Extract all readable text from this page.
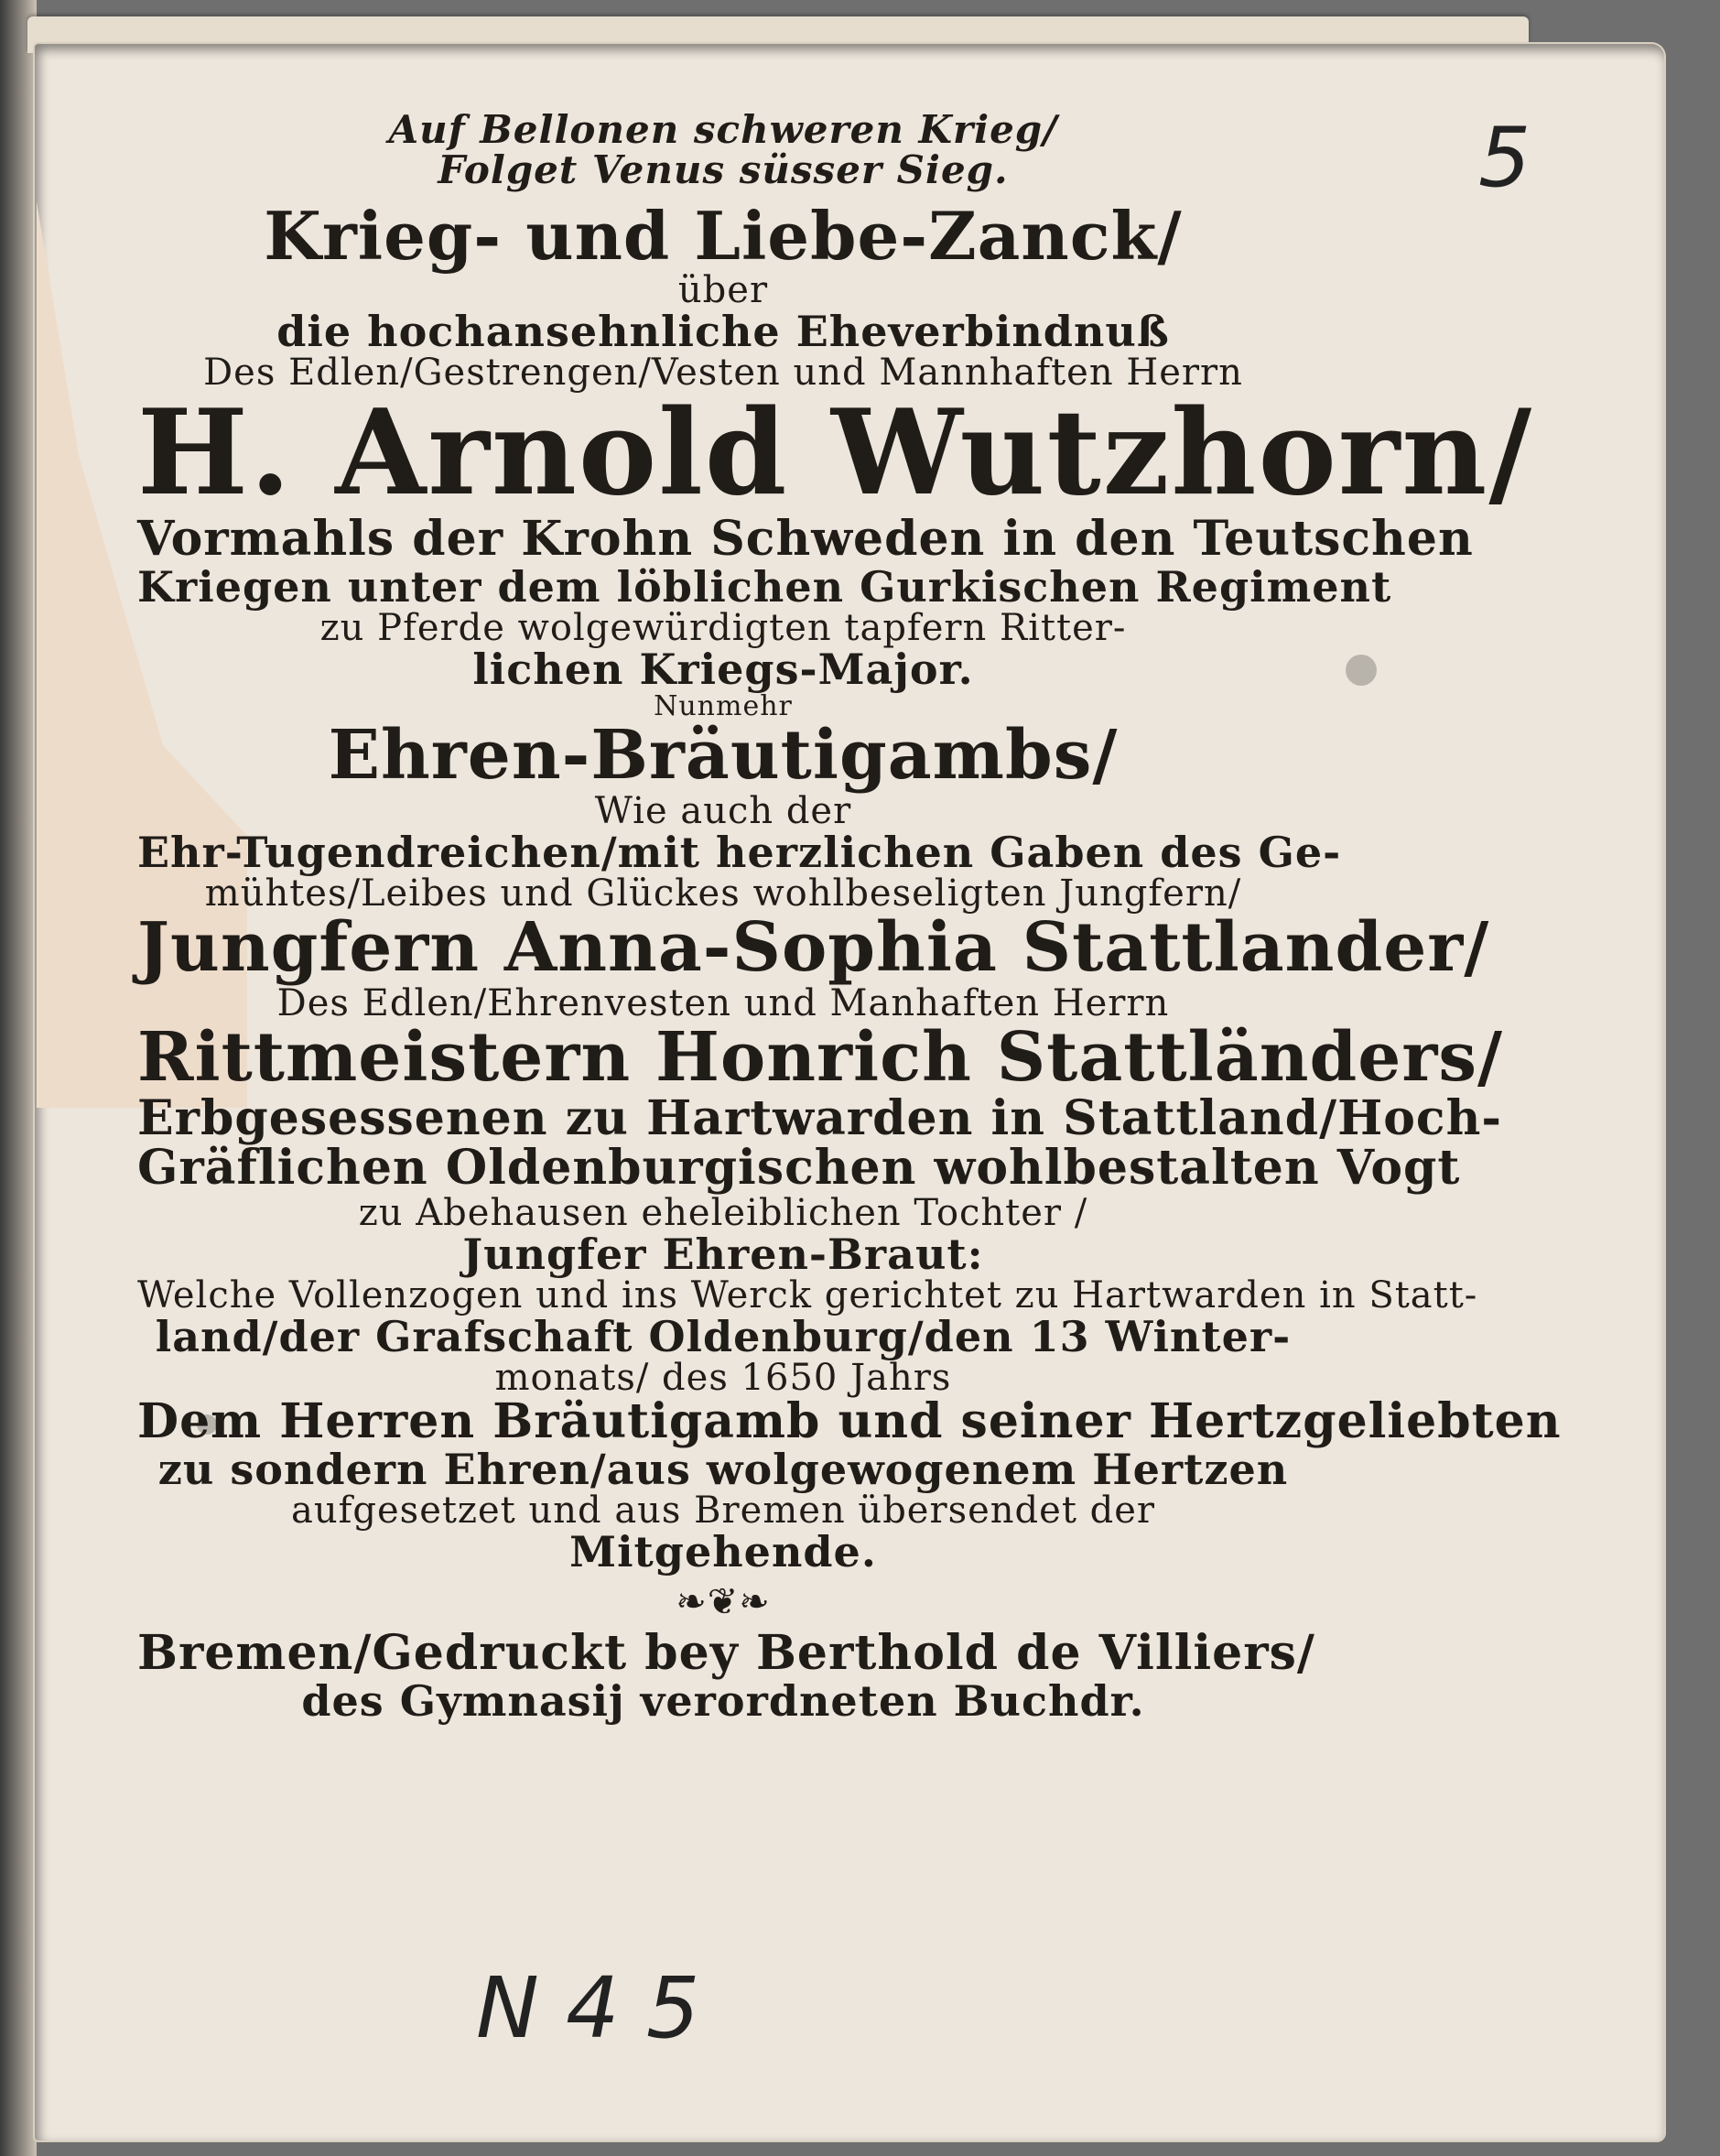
5
Auf Bellonen schweren Krieg/
Folget Venus süsser Sieg.
Krieg- und Liebe-Zanck/
über
die hochansehnliche Eheverbindnuß
Des Edlen/Gestrengen/Vesten und Mannhaften Herrn
H. Arnold Wutzhorn/
Vormahls der Krohn Schweden in den Teutschen
Kriegen unter dem löblichen Gurkischen Regiment
zu Pferde wolgewürdigten tapfern Ritter-
lichen Kriegs-Major.
Nunmehr
Ehren-Bräutigambs/
Wie auch der
Ehr-Tugendreichen/mit herzlichen Gaben des Ge-
mühtes/Leibes und Glückes wohlbeseligten Jungfern/
Jungfern Anna-Sophia Stattlander/
Des Edlen/Ehrenvesten und Manhaften Herrn
Rittmeistern Honrich Stattländers/
Erbgesessenen zu Hartwarden in Stattland/Hoch-
Gräflichen Oldenburgischen wohlbestalten Vogt
zu Abehausen eheleiblichen Tochter /
Jungfer Ehren-Braut:
Welche Vollenzogen und ins Werck gerichtet zu Hartwarden in Statt-
land/der Grafschaft Oldenburg/den 13 Winter-
monats/ des 1650 Jahrs
Dem Herren Bräutigamb und seiner Hertzgeliebten
zu sondern Ehren/aus wolgewogenem Hertzen
aufgesetzet und aus Bremen übersendet der
Mitgehende.
❧❦❧
Bremen/Gedruckt bey Berthold de Villiers/
des Gymnasij verordneten Buchdr.
N 4 5
